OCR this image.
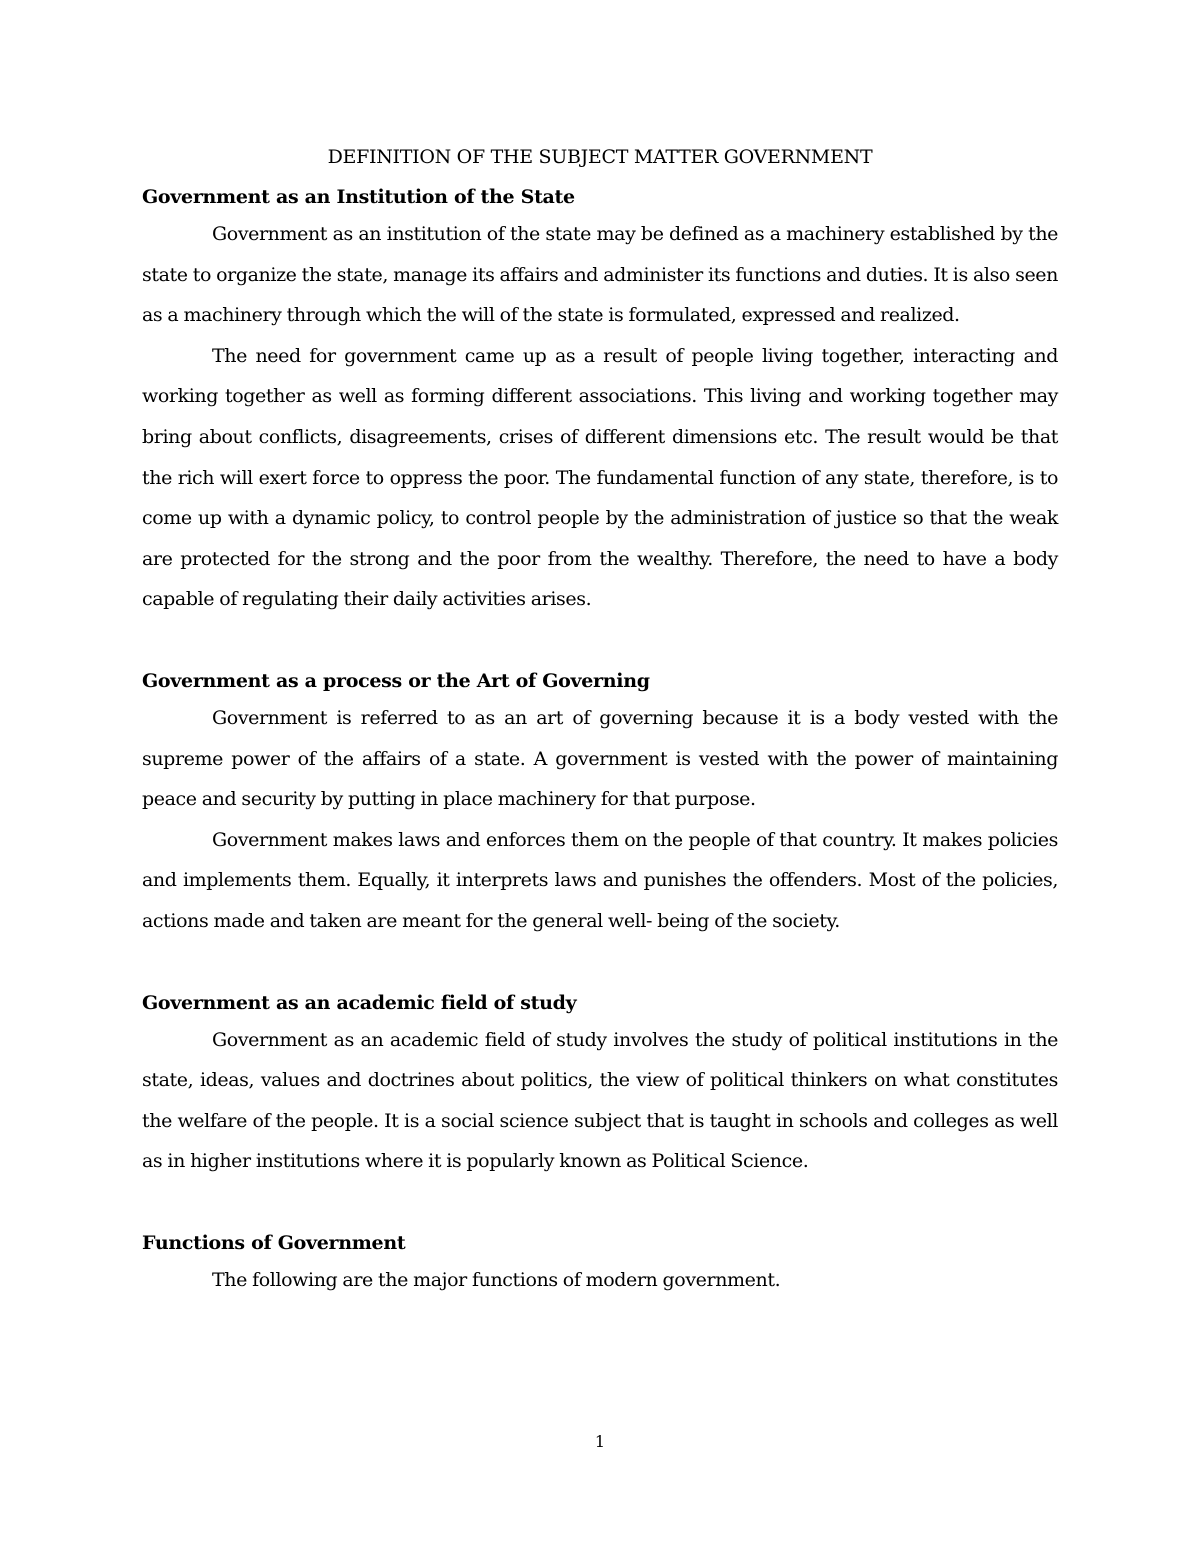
DEFINITION OF THE SUBJECT MATTER GOVERNMENT
Government as an Institution of the State

Government as an institution of the state may be defined as a machinery established by the state to organize the state, manage its affairs and administer its functions and duties. It is also seen as a machinery through which the will of the state is formulated, expressed and realized.

The need for government came up as a result of people living together, interacting and working together as well as forming different associations. This living and working together may bring about conflicts, disagreements, crises of different dimensions etc. The result would be that the rich will exert force to oppress the poor. The fundamental function of any state, therefore, is to come up with a dynamic policy, to control people by the administration of justice so that the weak are protected for the strong and the poor from the wealthy. Therefore, the need to have a body capable of regulating their daily activities arises.

Government as a process or the Art of Governing

Government is referred to as an art of governing because it is a body vested with the supreme power of the affairs of a state. A government is vested with the power of maintaining peace and security by putting in place machinery for that purpose.

Government makes laws and enforces them on the people of that country. It makes policies and implements them. Equally, it interprets laws and punishes the offenders. Most of the policies, actions made and taken are meant for the general well- being of the society.

Government as an academic field of study

Government as an academic field of study involves the study of political institutions in the state, ideas, values and doctrines about politics, the view of political thinkers on what constitutes the welfare of the people. It is a social science subject that is taught in schools and colleges as well as in higher institutions where it is popularly known as Political Science.

Functions of Government

The following are the major functions of modern government.

1
